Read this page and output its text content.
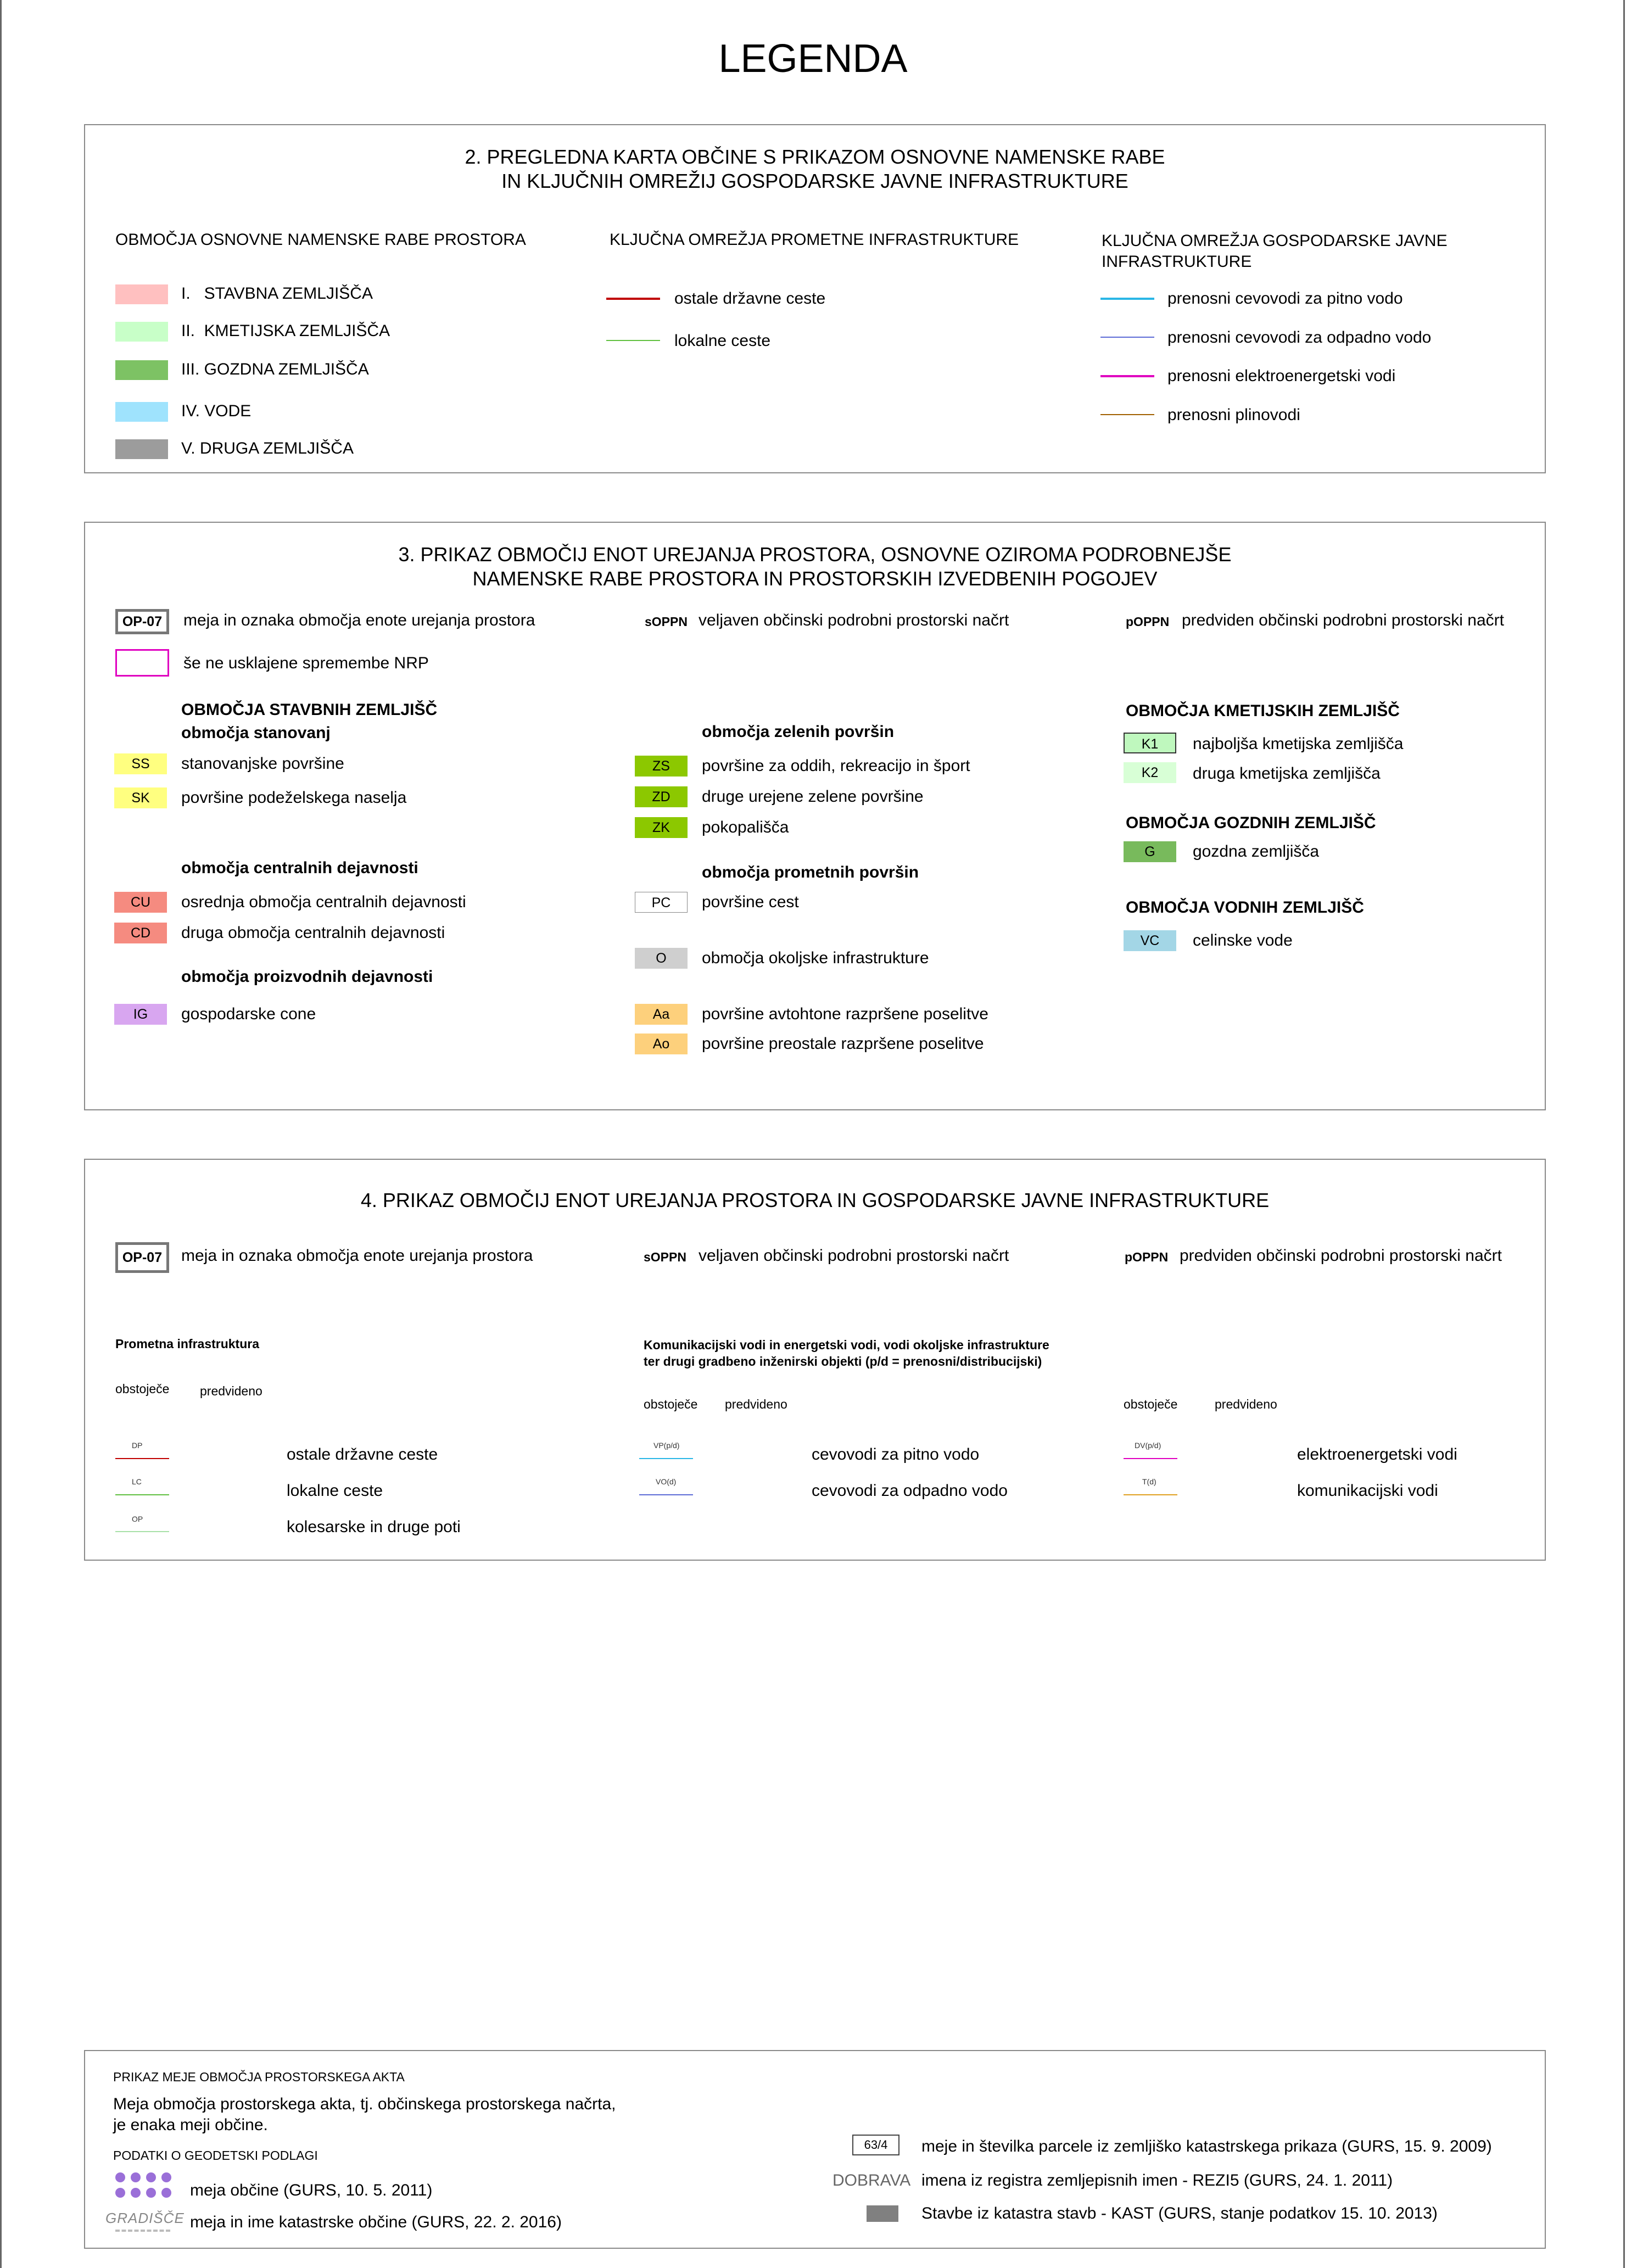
LEGENDA
2. PREGLEDNA KARTA OBČINE S PRIKAZOM OSNOVNE NAMENSKE RABE
IN KLJUČNIH OMREŽIJ GOSPODARSKE JAVNE INFRASTRUKTURE
OBMOČJA OSNOVNE NAMENSKE RABE PROSTORA	KLJUČNA OMREŽJA PROMETNE INFRASTRUKTURE	KLJUČNA OMREŽJA GOSPODARSKE JAVNE
INFRASTRUKTURE
I.   STAVBNA ZEMLJIŠČA
II.  KMETIJSKA ZEMLJIŠČA
III. GOZDNA ZEMLJIŠČA
IV. VODE
V. DRUGA ZEMLJIŠČA
ostale državne ceste
lokalne ceste
prenosni cevovodi za pitno vodo
prenosni cevovodi za odpadno vodo
prenosni elektroenergetski vodi
prenosni plinovodi
3. PRIKAZ OBMOČIJ ENOT UREJANJA PROSTORA, OSNOVNE OZIROMA PODROBNEJŠE
NAMENSKE RABE PROSTORA IN PROSTORSKIH IZVEDBENIH POGOJEV
OP-07	meja in oznaka območja enote urejanja prostora	sOPPN veljaven občinski podrobni prostorski načrt	pOPPN predviden občinski podrobni prostorski načrt
še ne usklajene spremembe NRP
OBMOČJA STAVBNIH ZEMLJIŠČ
območja stanovanj
SS	stanovanjske površine
SK	površine podeželskega naselja
območja centralnih dejavnosti
CU	osrednja območja centralnih dejavnosti
CD	druga območja centralnih dejavnosti
območja proizvodnih dejavnosti
IG	gospodarske cone
območja zelenih površin
ZS	površine za oddih, rekreacijo in šport
ZD	druge urejene zelene površine
ZK	pokopališča
območja prometnih površin
PC	površine cest
O	območja okoljske infrastrukture
Aa	površine avtohtone razpršene poselitve
Ao	površine preostale razpršene poselitve
OBMOČJA KMETIJSKIH ZEMLJIŠČ
K1	najboljša kmetijska zemljišča
K2	druga kmetijska zemljišča
OBMOČJA GOZDNIH ZEMLJIŠČ
G	gozdna zemljišča
OBMOČJA VODNIH ZEMLJIŠČ
VC	celinske vode
4. PRIKAZ OBMOČIJ ENOT UREJANJA PROSTORA IN GOSPODARSKE JAVNE INFRASTRUKTURE
OP-07	meja in oznaka območja enote urejanja prostora	sOPPN veljaven občinski podrobni prostorski načrt	pOPPN predviden občinski podrobni prostorski načrt
Prometna infrastruktura	Komunikacijski vodi in energetski vodi, vodi okoljske infrastrukture
ter drugi gradbeno inženirski objekti (p/d = prenosni/distribucijski)
obstoječe predvideno
obstoječe predvideno	obstoječe	predvideno
DP	ostale državne ceste
LC	lokalne ceste
OP	kolesarske in druge poti
VP(p/d)	cevovodi za pitno vodo
VO(d)	cevovodi za odpadno vodo
DV(p/d)	elektroenergetski vodi
T(d)	komunikacijski vodi
PRIKAZ MEJE OBMOČJA PROSTORSKEGA AKTA
Meja območja prostorskega akta, tj. občinskega prostorskega načrta,
je enaka meji občine.
PODATKI O GEODETSKI PODLAGI
meja občine (GURS, 10. 5. 2011)
GRADIŠČE meja in ime katastrske občine (GURS, 22. 2. 2016)
63/4	meje in številka parcele iz zemljiško katastrskega prikaza (GURS, 15. 9. 2009)
DOBRAVA imena iz registra zemljepisnih imen - REZI5 (GURS, 24. 1. 2011)
Stavbe iz katastra stavb - KAST (GURS, stanje podatkov 15. 10. 2013)
